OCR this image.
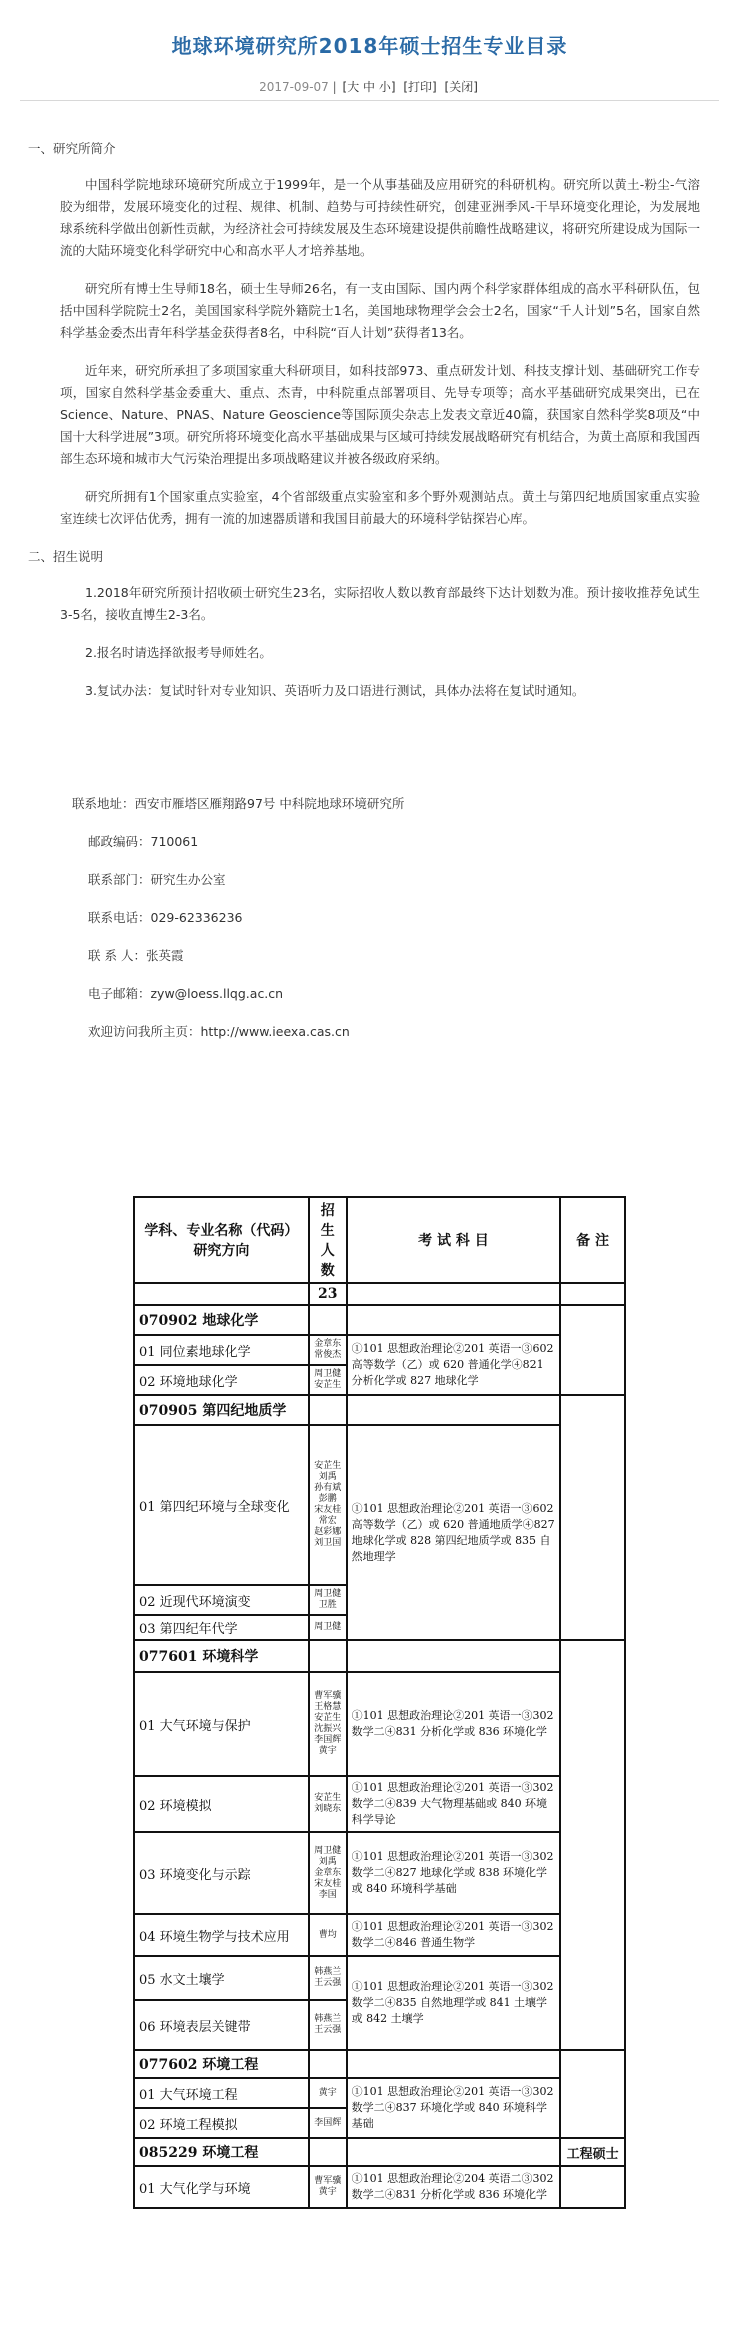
地球环境研究所2018年硕士招生专业目录
2017-09-07 | [大 中 小] [打印] [关闭]
一、研究所简介

中国科学院地球环境研究所成立于1999年，是一个从事基础及应用研究的科研机构。研究所以黄土-粉尘-气溶胶为细带，发展环境变化的过程、规律、机制、趋势与可持续性研究，创建亚洲季风-干旱环境变化理论，为发展地球系统科学做出创新性贡献，为经济社会可持续发展及生态环境建设提供前瞻性战略建议，将研究所建设成为国际一流的大陆环境变化科学研究中心和高水平人才培养基地。

研究所有博士生导师18名，硕士生导师26名，有一支由国际、国内两个科学家群体组成的高水平科研队伍，包括中国科学院院士2名，美国国家科学院外籍院士1名，美国地球物理学会会士2名，国家“千人计划”5名，国家自然科学基金委杰出青年科学基金获得者8名，中科院“百人计划”获得者13名。

近年来，研究所承担了多项国家重大科研项目，如科技部973、重点研发计划、科技支撑计划、基础研究工作专项，国家自然科学基金委重大、重点、杰青，中科院重点部署项目、先导专项等；高水平基础研究成果突出，已在Science、Nature、PNAS、Nature Geoscience等国际顶尖杂志上发表文章近40篇，获国家自然科学奖8项及“中国十大科学进展”3项。研究所将环境变化高水平基础成果与区域可持续发展战略研究有机结合，为黄土高原和我国西部生态环境和城市大气污染治理提出多项战略建议并被各级政府采纳。

研究所拥有1个国家重点实验室，4个省部级重点实验室和多个野外观测站点。黄土与第四纪地质国家重点实验室连续七次评估优秀，拥有一流的加速器质谱和我国目前最大的环境科学钻探岩心库。

二、招生说明

1.2018年研究所预计招收硕士研究生23名，实际招收人数以教育部最终下达计划数为准。预计接收推荐免试生3-5名，接收直博生2-3名。

2.报名时请选择欲报考导师姓名。

3.复试办法：复试时针对专业知识、英语听力及口语进行测试，具体办法将在复试时通知。

联系地址：西安市雁塔区雁翔路97号 中科院地球环境研究所
邮政编码：710061
联系部门：研究生办公室
联系电话：029-62336236
联 系 人：张英霞
电子邮箱：zyw@loess.llqg.ac.cn
欢迎访问我所主页：http://www.ieexa.cas.cn
学科、专业名称（代码）研究方向	招生人数	考 试 科 目	备 注
	23		
070902 地球化学			
01 同位素地球化学	金章东 常俊杰	①101 思想政治理论②201 英语一③602 高等数学（乙）或 620 普通化学④821 分析化学或 827 地球化学	
02 环境地球化学	周卫健 安芷生		
070905 第四纪地质学			
01 第四纪环境与全球变化	安芷生 刘禹 孙有斌 彭鹏 宋友桂 常宏 赵彩娜 刘卫国	①101 思想政治理论②201 英语一③602 高等数学（乙）或 620 普通地质学④827 地球化学或 828 第四纪地质学或 835 自然地理学	
02 近现代环境演变	周卫健 卫胜		
03 第四纪年代学	周卫健		
077601 环境科学			
01 大气环境与保护	曹军骥 王格慧 安芷生 沈振兴 李国辉 黄宇	①101 思想政治理论②201 英语一③302 数学二④831 分析化学或 836 环境化学	
02 环境模拟	安芷生 刘晓东	①101 思想政治理论②201 英语一③302 数学二④839 大气物理基础或 840 环境科学导论	
03 环境变化与示踪	周卫健 刘禹 金章东 宋友桂 李国	①101 思想政治理论②201 英语一③302 数学二④827 地球化学或 838 环境化学或 840 环境科学基础	
04 环境生物学与技术应用	曹均	①101 思想政治理论②201 英语一③302 数学二④846 普通生物学	
05 水文土壤学	韩燕兰 王云强	①101 思想政治理论②201 英语一③302 数学二④835 自然地理学或 841 土壤学或 842 土壤学	
06 环境表层关键带	韩燕兰 王云强		
077602 环境工程			
01 大气环境工程	黄宇	①101 思想政治理论②201 英语一③302 数学二④837 环境化学或 840 环境科学基础	
02 环境工程模拟	李国辉		
085229 环境工程			工程硕士
01 大气化学与环境	曹军骥 黄宇	①101 思想政治理论②204 英语二③302 数学二④831 分析化学或 836 环境化学	
